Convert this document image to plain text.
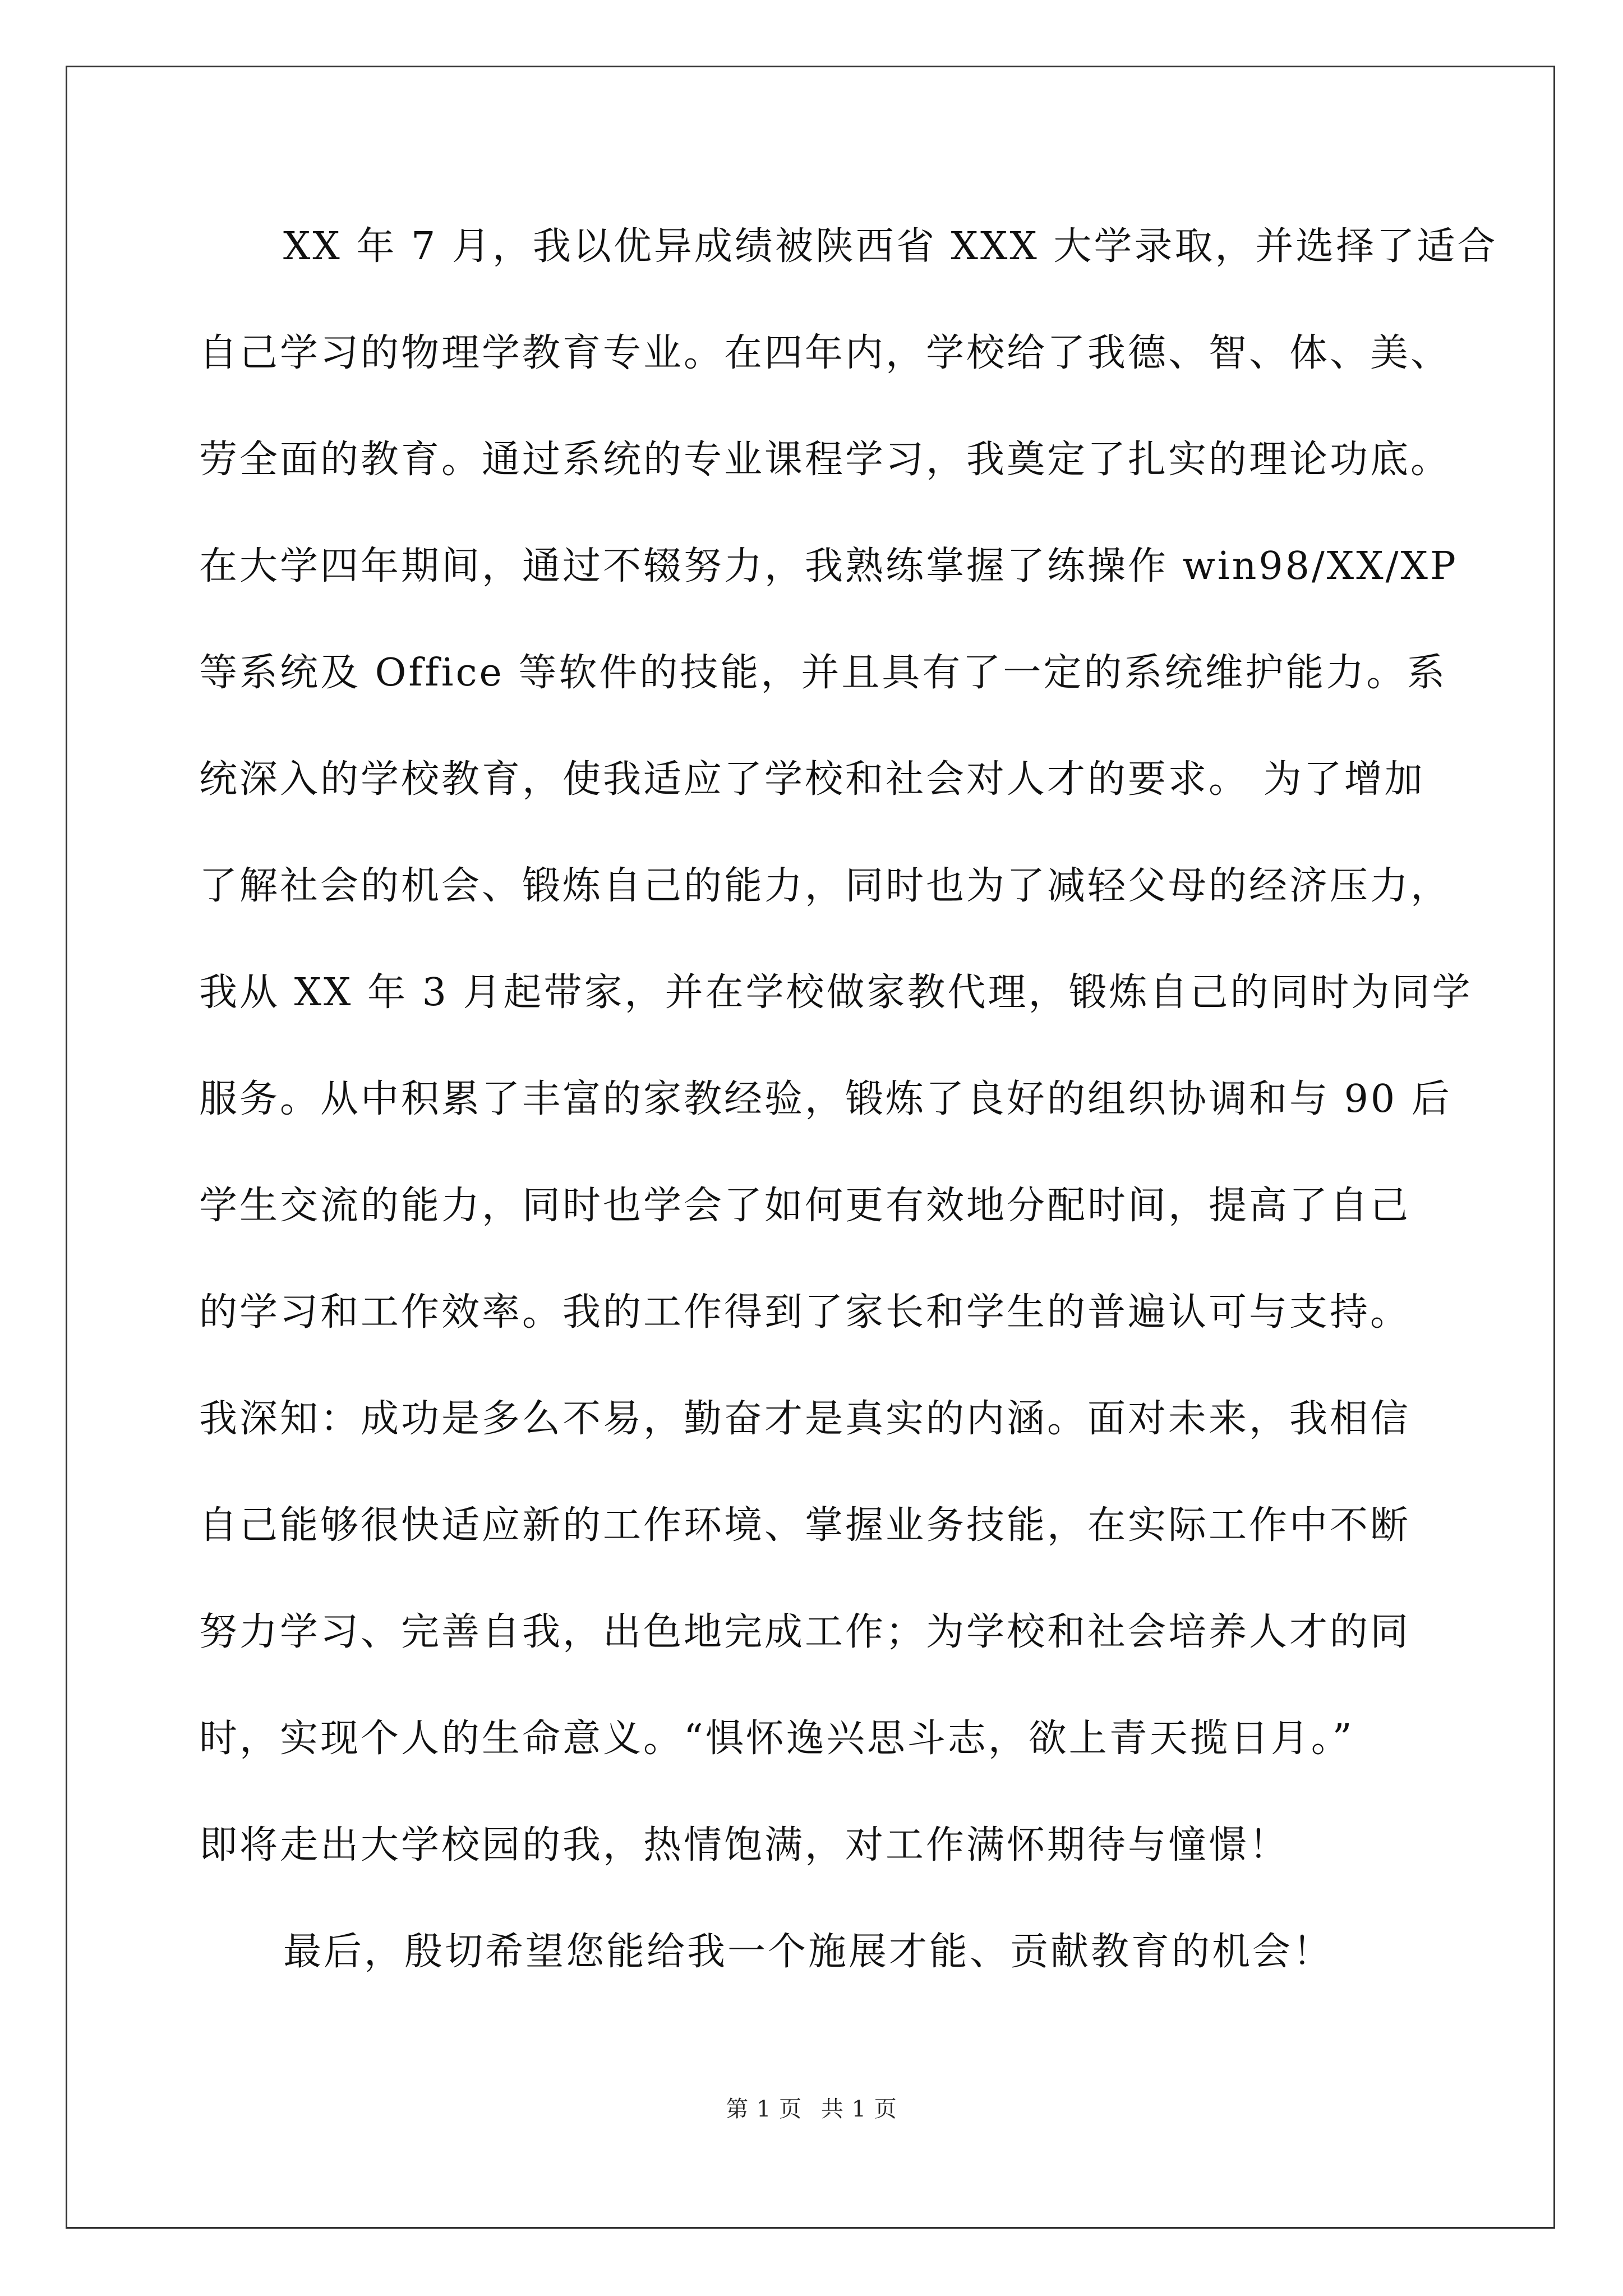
XX 年 7 月，我以优异成绩被陕西省 XXX 大学录取，并选择了适合
自己学习的物理学教育专业。在四年内，学校给了我德、智、体、美、
劳全面的教育。通过系统的专业课程学习，我奠定了扎实的理论功底。
在大学四年期间，通过不辍努力，我熟练掌握了练操作 win98/XX/XP
等系统及 Office 等软件的技能，并且具有了一定的系统维护能力。系
统深入的学校教育，使我适应了学校和社会对人才的要求。 为了增加
了解社会的机会、锻炼自己的能力，同时也为了减轻父母的经济压力，
我从 XX 年 3 月起带家，并在学校做家教代理，锻炼自己的同时为同学
服务。从中积累了丰富的家教经验，锻炼了良好的组织协调和与 90 后
学生交流的能力，同时也学会了如何更有效地分配时间，提高了自己
的学习和工作效率。我的工作得到了家长和学生的普遍认可与支持。
我深知：成功是多么不易，勤奋才是真实的内涵。面对未来，我相信
自己能够很快适应新的工作环境、掌握业务技能，在实际工作中不断
努力学习、完善自我，出色地完成工作；为学校和社会培养人才的同
时，实现个人的生命意义。“惧怀逸兴思斗志，欲上青天揽日月。”
即将走出大学校园的我，热情饱满，对工作满怀期待与憧憬！
最后，殷切希望您能给我一个施展才能、贡献教育的机会！
第 1 页 共 1 页
